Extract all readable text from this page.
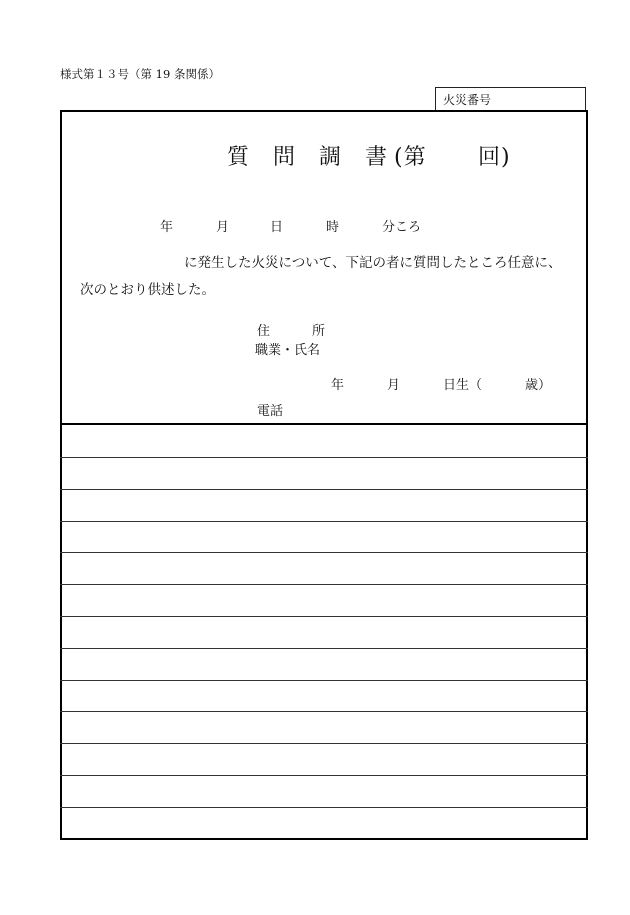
様式第１３号（第 19 条関係）
火災番号
質 問 調 書 (第 回)
年	月	日	時	分ころ
に発生した火災について、下記の者に質問したところ任意に、
次のとおり供述した。
住	所
職業・氏名
年	月	日生（	歳）
電話
